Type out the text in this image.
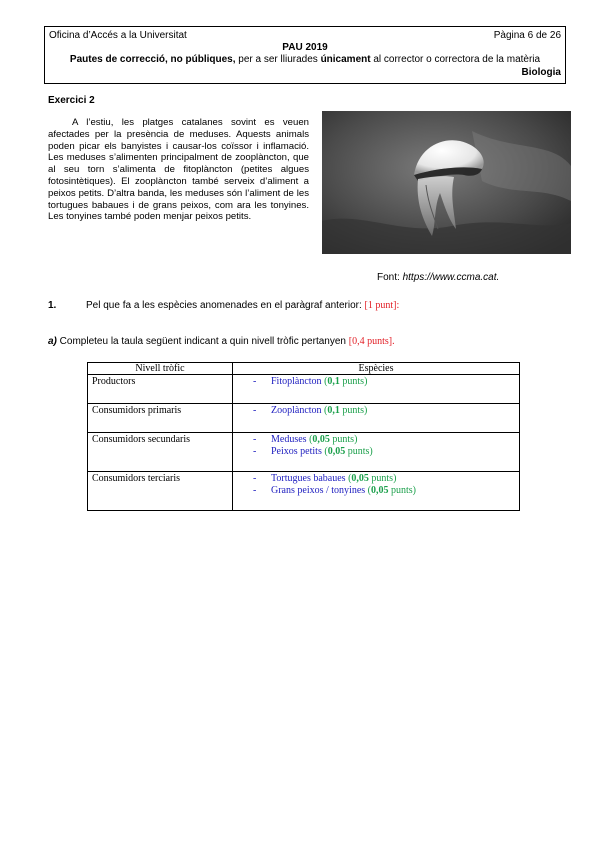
Oficina d’Accés a la Universitat	Pàgina 6 de 26
PAU 2019
Pautes de correcció, no públiques, per a ser lliurades únicament al corrector o correctora de la matèria
Biologia
Exercici 2

A l’estiu, les platges catalanes sovint es veuen afectades per la presència de meduses. Aquests animals poden picar els banyistes i causar-los coïssor i inflamació. Les meduses s’alimenten principalment de zooplàncton, que al seu torn s’alimenta de fitoplàncton (petites algues fotosintètiques). El zooplàncton també serveix d’aliment a peixos petits. D’altra banda, les meduses són l’aliment de les tortugues babaues i de grans peixos, com ara les tonyines. Les tonyines també poden menjar peixos petits.

Font: https://www.ccma.cat.
1.	Pel que fa a les espècies anomenades en el paràgraf anterior: [1 punt]:
a) Completeu la taula següent indicant a quin nivell tròfic pertanyen [0,4 punts].
Nivell tròfic	Espècies
Productors	- Fitoplàncton (0,1 punts)

Consumidors primaris	- Zooplàncton (0,1 punts)

Consumidors secundaris	- Meduses (0,05 punts)
- Peixos petits (0,05 punts)

Consumidors terciaris	- Tortugues babaues (0,05 punts)
- Grans peixos / tonyines (0,05 punts)
